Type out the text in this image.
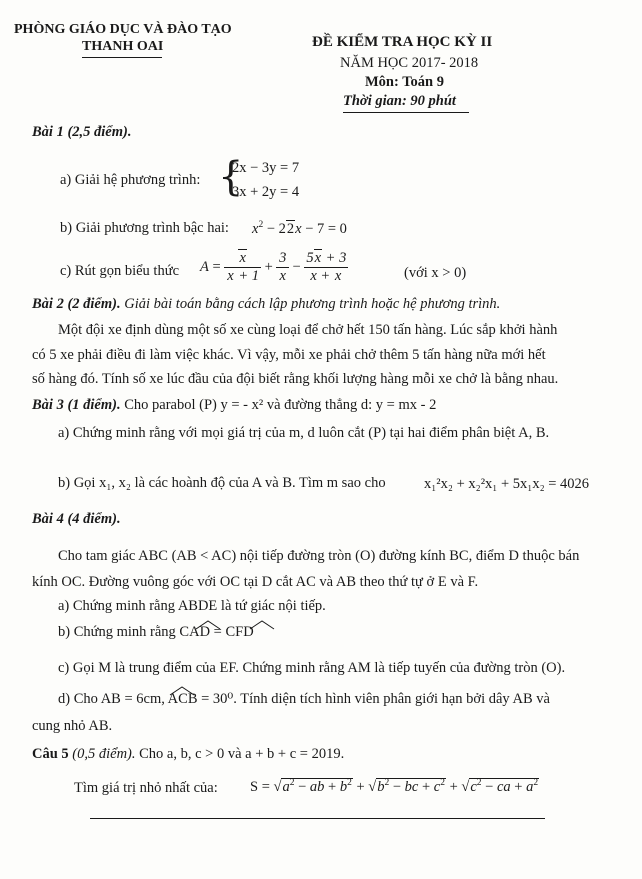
PHÒNG GIÁO DỤC VÀ ĐÀO TẠO
THANH OAI	ĐỀ KIỂM TRA HỌC KỲ II
NĂM HỌC 2017- 2018
Môn: Toán 9
Thời gian: 90 phút
Bài 1 (2,5 điểm).
a) Giải hệ phương trình: {
2x − 3y = 7
3x + 2y = 4
b) Giải phương trình bậc hai: $x^2 - 22x - 7 = 0$
c) Rút gọn biểu thức $A = \frac{x}{x + 1} + \frac{3}{x} - \frac{5x + 3}{x + x}$	(với x > 0)
Bài 2 (2 điểm). Giải bài toán bằng cách lập phương trình hoặc hệ phương trình.
Một đội xe định dùng một số xe cùng loại để chở hết 150 tấn hàng. Lúc sắp khởi hành
có 5 xe phải điều đi làm việc khác. Vì vậy, mỗi xe phải chở thêm 5 tấn hàng nữa mới hết
số hàng đó. Tính số xe lúc đầu của đội biết rằng khối lượng hàng mỗi xe chở là bằng nhau.
Bài 3 (1 điểm). Cho parabol (P) y = - x² và đường thẳng d: y = mx - 2
a) Chứng minh rằng với mọi giá trị của m, d luôn cắt (P) tại hai điểm phân biệt A, B.
b) Gọi x₁, x₂ là các hoành độ của A và B. Tìm m sao cho	x₁²x₂ + x₂²x₁ + 5x₁x₂ = 4026
Bài 4 (4 điểm).
Cho tam giác ABC (AB < AC) nội tiếp đường tròn (O) đường kính BC, điểm D thuộc bán
kính OC. Đường vuông góc với OC tại D cắt AC và AB theo thứ tự ở E và F.
a) Chứng minh rằng ABDE là tứ giác nội tiếp.
b) Chứng minh rằng CAD = CFD
c) Gọi M là trung điểm của EF. Chứng minh rằng AM là tiếp tuyến của đường tròn (O).
d) Cho AB = 6cm, ACB = 30⁰. Tính diện tích hình viên phân giới hạn bởi dây AB và
cung nhỏ AB.
Câu 5 (0,5 điểm). Cho a, b, c > 0 và a + b + c = 2019.
Tìm giá trị nhỏ nhất của: $S = √a^2$ − ab + $b^2 + √b^2$ − bc + $c^2 + √c^2$ − ca + $a^2$
